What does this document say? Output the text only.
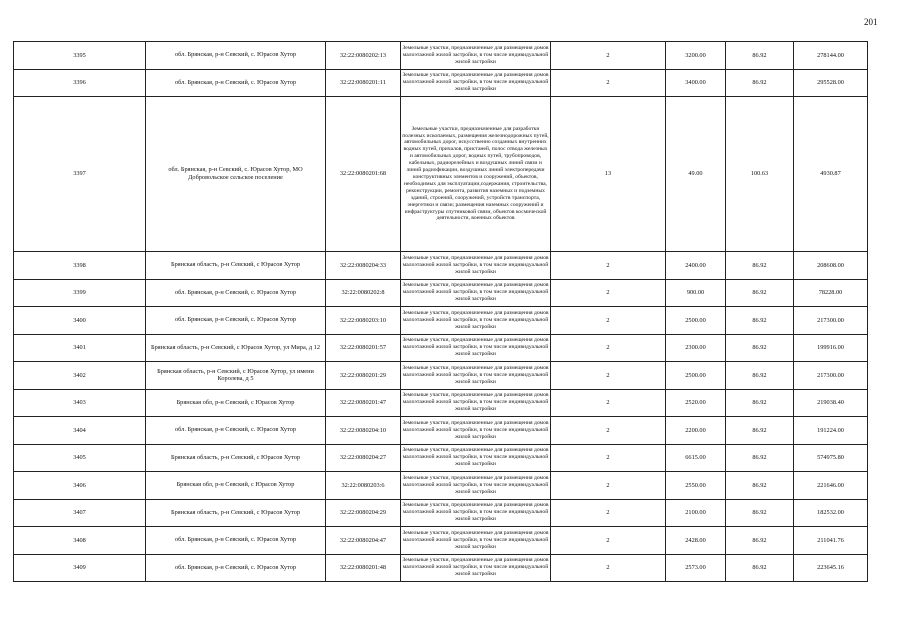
201
3395	обл. Брянская, р-н Севский, с. Юрасов Хутор	32:22:0080202:13	Земельные участки, предназначенные для размещения домов малоэтажной жилой застройки, в том числе индивидуальной жилой застройки	2	3200.00	86.92	278144.00
3396	обл. Брянская, р-н Севский, с. Юрасов Хутор	32:22:0080201:11	Земельные участки, предназначенные для размещения домов малоэтажной жилой застройки, в том числе индивидуальной жилой застройки	2	3400.00	86.92	295528.00
3397	обл. Брянская, р-н Севский, с. Юрасов Хутор, МО Добровольское сельское поселение	32:22:0080201:68	Земельные участки, предназначенные для разработки полезных ископаемых, размещения железнодорожных путей, автомобильных дорог, искусственно созданных внутренних водных путей, причалов, пристаней, полос отвода железных и автомобильных дорог, водных путей, трубопроводов, кабельных, радиорелейных и воздушных линий связи и линий радиофикации, воздушных линий электропередачи конструктивных элементов и сооружений, объектов, необходимых для эксплуатации,содержания, строительства, реконструкции, ремонта, развития наземных и подземных зданий, строений, сооружений, устройств транспорта, энергетики и связи; размещения наземных сооружений и инфраструктуры спутниковой связи, объектов космической деятельности, военных объектов	13	49.00	100.63	4930.87
3398	Брянская область, р-н Севский, с Юрасов Хутор	32:22:0080204:33	Земельные участки, предназначенные для размещения домов малоэтажной жилой застройки, в том числе индивидуальной жилой застройки	2	2400.00	86.92	208608.00
3399	обл. Брянская, р-н Севский, с. Юрасов Хутор	32:22:0080202:8	Земельные участки, предназначенные для размещения домов малоэтажной жилой застройки, в том числе индивидуальной жилой застройки	2	900.00	86.92	78228.00
3400	обл. Брянская, р-н Севский, с. Юрасов Хутор	32:22:0080203:10	Земельные участки, предназначенные для размещения домов малоэтажной жилой застройки, в том числе индивидуальной жилой застройки	2	2500.00	86.92	217300.00
3401	Брянская область, р-н Севский, с Юрасов Хутор, ул Мира, д 12	32:22:0080201:57	Земельные участки, предназначенные для размещения домов малоэтажной жилой застройки, в том числе индивидуальной жилой застройки	2	2300.00	86.92	199916.00
3402	Брянская область, р-н Севский, с Юрасов Хутор, ул имени Королева, д 5	32:22:0080201:29	Земельные участки, предназначенные для размещения домов малоэтажной жилой застройки, в том числе индивидуальной жилой застройки	2	2500.00	86.92	217300.00
3403	Брянская обл, р-н Севский, с Юрасов Хутор	32:22:0080201:47	Земельные участки, предназначенные для размещения домов малоэтажной жилой застройки, в том числе индивидуальной жилой застройки	2	2520.00	86.92	219038.40
3404	обл. Брянская, р-н Севский, с. Юрасов Хутор	32:22:0080204:10	Земельные участки, предназначенные для размещения домов малоэтажной жилой застройки, в том числе индивидуальной жилой застройки	2	2200.00	86.92	191224.00
3405	Брянская область, р-н Севский, с Юрасов Хутор	32:22:0080204:27	Земельные участки, предназначенные для размещения домов малоэтажной жилой застройки, в том числе индивидуальной жилой застройки	2	6615.00	86.92	574975.80
3406	Брянская обл, р-н Севский, с Юрасов Хутор	32:22:0080203:6	Земельные участки, предназначенные для размещения домов малоэтажной жилой застройки, в том числе индивидуальной жилой застройки	2	2550.00	86.92	221646.00
3407	Брянская область, р-н Севский, с Юрасов Хутор	32:22:0080204:29	Земельные участки, предназначенные для размещения домов малоэтажной жилой застройки, в том числе индивидуальной жилой застройки	2	2100.00	86.92	182532.00
3408	обл. Брянская, р-н Севский, с. Юрасов Хутор	32:22:0080204:47	Земельные участки, предназначенные для размещения домов малоэтажной жилой застройки, в том числе индивидуальной жилой застройки	2	2428.00	86.92	211041.76
3409	обл. Брянская, р-н Севский, с. Юрасов Хутор	32:22:0080201:48	Земельные участки, предназначенные для размещения домов малоэтажной жилой застройки, в том числе индивидуальной жилой застройки	2	2573.00	86.92	223645.16
